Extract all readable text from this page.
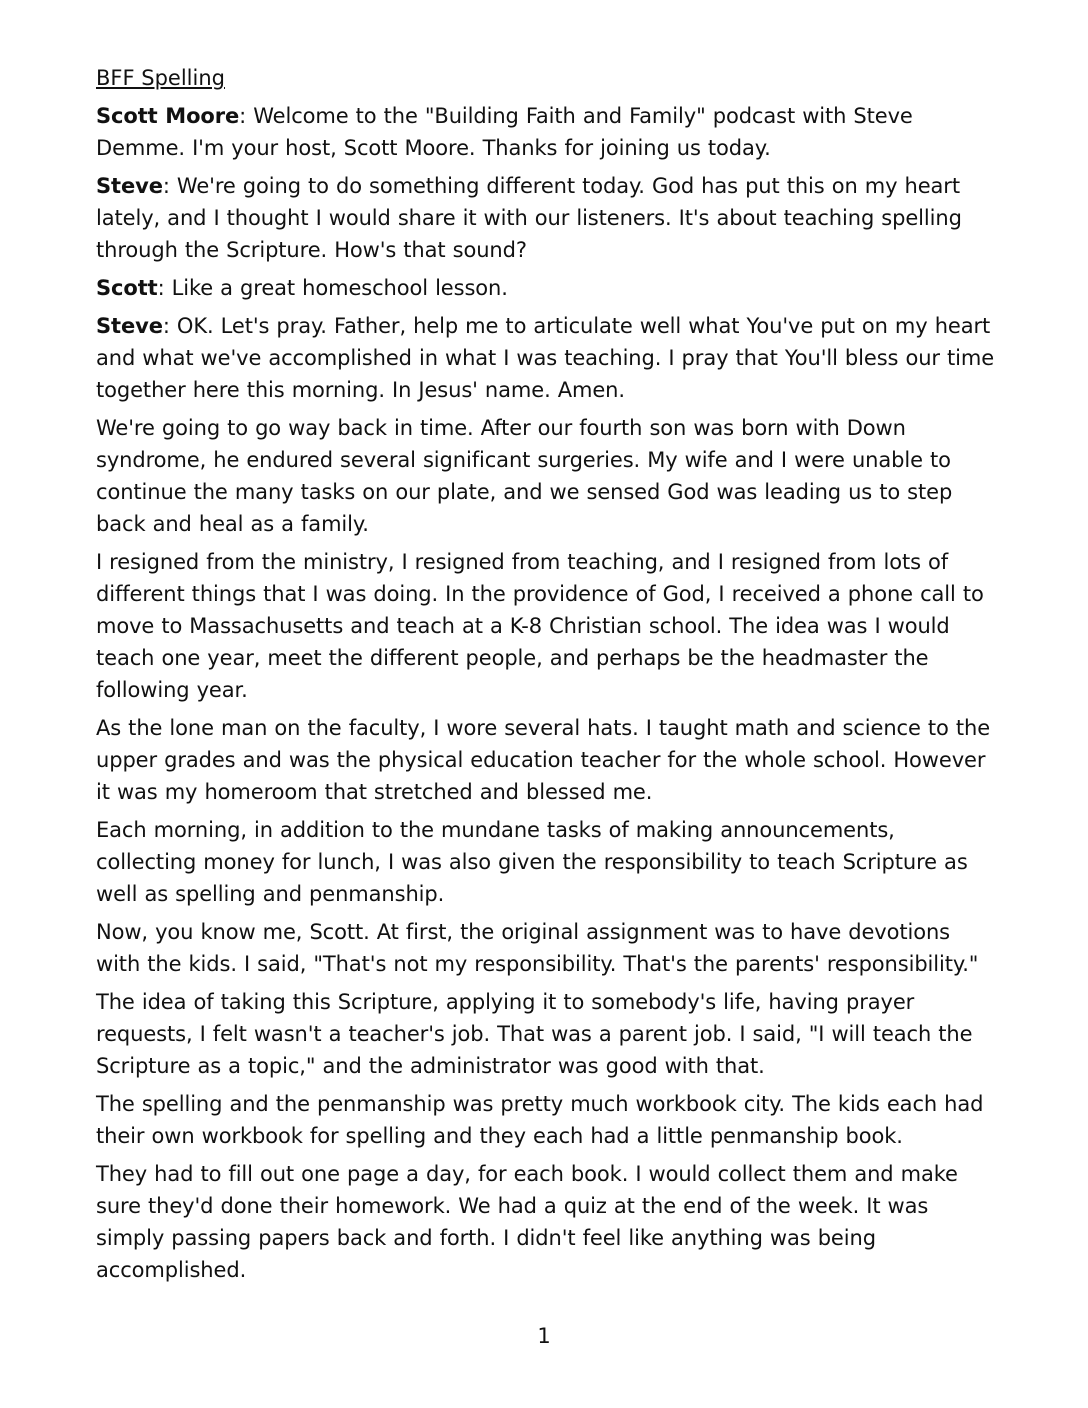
BFF Spelling

Scott Moore: Welcome to the "Building Faith and Family" podcast with Steve Demme. I'm your host, Scott Moore. Thanks for joining us today.

Steve: We're going to do something different today. God has put this on my heart lately, and I thought I would share it with our listeners. It's about teaching spelling through the Scripture. How's that sound?

Scott: Like a great homeschool lesson.

Steve: OK. Let's pray. Father, help me to articulate well what You've put on my heart and what we've accomplished in what I was teaching. I pray that You'll bless our time together here this morning. In Jesus' name. Amen.

We're going to go way back in time. After our fourth son was born with Down syndrome, he endured several significant surgeries. My wife and I were unable to continue the many tasks on our plate, and we sensed God was leading us to step back and heal as a family.

I resigned from the ministry, I resigned from teaching, and I resigned from lots of different things that I was doing. In the providence of God, I received a phone call to move to Massachusetts and teach at a K-8 Christian school. The idea was I would teach one year, meet the different people, and perhaps be the headmaster the following year.

As the lone man on the faculty, I wore several hats. I taught math and science to the upper grades and was the physical education teacher for the whole school. However it was my homeroom that stretched and blessed me.

Each morning, in addition to the mundane tasks of making announcements, collecting money for lunch, I was also given the responsibility to teach Scripture as well as spelling and penmanship.

Now, you know me, Scott. At first, the original assignment was to have devotions with the kids. I said, "That's not my responsibility. That's the parents' responsibility."

The idea of taking this Scripture, applying it to somebody's life, having prayer requests, I felt wasn't a teacher's job. That was a parent job. I said, "I will teach the Scripture as a topic," and the administrator was good with that.

The spelling and the penmanship was pretty much workbook city. The kids each had their own workbook for spelling and they each had a little penmanship book.

They had to fill out one page a day, for each book. I would collect them and make sure they'd done their homework. We had a quiz at the end of the week. It was simply passing papers back and forth. I didn't feel like anything was being accomplished.

1
